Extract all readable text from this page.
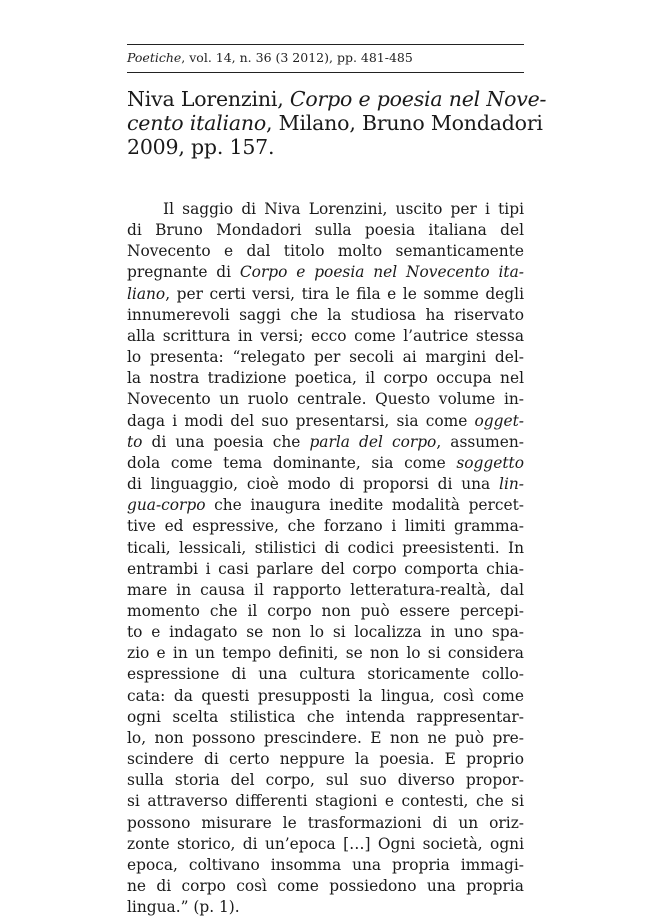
Poetiche, vol. 14, n. 36 (3 2012), pp. 481-485
Niva Lorenzini, Corpo e poesia nel Nove-
cento italiano, Milano, Bruno Mondadori
2009, pp. 157.
Il saggio di Niva Lorenzini, uscito per i tipi
di Bruno Mondadori sulla poesia italiana del
Novecento e dal titolo molto semanticamente
pregnante di Corpo e poesia nel Novecento ita-
liano, per certi versi, tira le fila e le somme degli
innumerevoli saggi che la studiosa ha riservato
alla scrittura in versi; ecco come l’autrice stessa
lo presenta: “relegato per secoli ai margini del-
la nostra tradizione poetica, il corpo occupa nel
Novecento un ruolo centrale. Questo volume in-
daga i modi del suo presentarsi, sia come ogget-
to di una poesia che parla del corpo, assumen-
dola come tema dominante, sia come soggetto
di linguaggio, cioè modo di proporsi di una lin-
gua-corpo che inaugura inedite modalità percet-
tive ed espressive, che forzano i limiti gramma-
ticali, lessicali, stilistici di codici preesistenti. In
entrambi i casi parlare del corpo comporta chia-
mare in causa il rapporto letteratura-realtà, dal
momento che il corpo non può essere percepi-
to e indagato se non lo si localizza in uno spa-
zio e in un tempo definiti, se non lo si considera
espressione di una cultura storicamente collo-
cata: da questi presupposti la lingua, così come
ogni scelta stilistica che intenda rappresentar-
lo, non possono prescindere. E non ne può pre-
scindere di certo neppure la poesia. E proprio
sulla storia del corpo, sul suo diverso propor-
si attraverso differenti stagioni e contesti, che si
possono misurare le trasformazioni di un oriz-
zonte storico, di un’epoca […] Ogni società, ogni
epoca, coltivano insomma una propria immagi-
ne di corpo così come possiedono una propria
lingua.” (p. 1).
